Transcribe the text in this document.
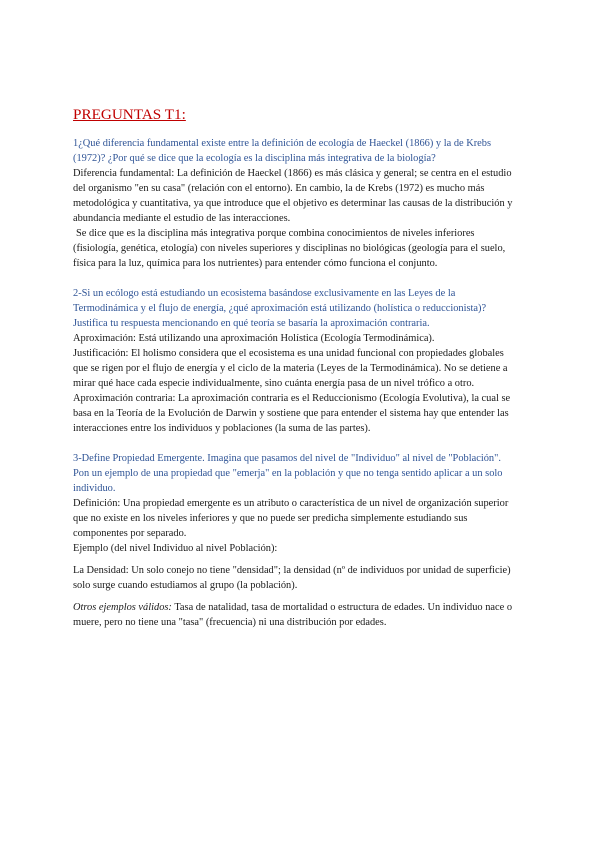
PREGUNTAS T1:

1¿Qué diferencia fundamental existe entre la definición de ecología de Haeckel (1866) y la de Krebs (1972)? ¿Por qué se dice que la ecología es la disciplina más integrativa de la biología?

Diferencia fundamental: La definición de Haeckel (1866) es más clásica y general; se centra en el estudio del organismo "en su casa" (relación con el entorno). En cambio, la de Krebs (1972) es mucho más metodológica y cuantitativa, ya que introduce que el objetivo es determinar las causas de la distribución y abundancia mediante el estudio de las interacciones.

Se dice que es la disciplina más integrativa porque combina conocimientos de niveles inferiores (fisiología, genética, etología) con niveles superiores y disciplinas no biológicas (geología para el suelo, física para la luz, química para los nutrientes) para entender cómo funciona el conjunto.

2-Si un ecólogo está estudiando un ecosistema basándose exclusivamente en las Leyes de la Termodinámica y el flujo de energía, ¿qué aproximación está utilizando (holística o reduccionista)? Justifica tu respuesta mencionando en qué teoría se basaría la aproximación contraria.

Aproximación: Está utilizando una aproximación Holística (Ecología Termodinámica).

Justificación: El holismo considera que el ecosistema es una unidad funcional con propiedades globales que se rigen por el flujo de energía y el ciclo de la materia (Leyes de la Termodinámica). No se detiene a mirar qué hace cada especie individualmente, sino cuánta energía pasa de un nivel trófico a otro.

Aproximación contraria: La aproximación contraria es el Reduccionismo (Ecología Evolutiva), la cual se basa en la Teoría de la Evolución de Darwin y sostiene que para entender el sistema hay que entender las interacciones entre los individuos y poblaciones (la suma de las partes).

3-Define Propiedad Emergente. Imagina que pasamos del nivel de "Individuo" al nivel de "Población". Pon un ejemplo de una propiedad que "emerja" en la población y que no tenga sentido aplicar a un solo individuo.

Definición: Una propiedad emergente es un atributo o característica de un nivel de organización superior que no existe en los niveles inferiores y que no puede ser predicha simplemente estudiando sus componentes por separado.

Ejemplo (del nivel Individuo al nivel Población):

La Densidad: Un solo conejo no tiene "densidad"; la densidad (nº de individuos por unidad de superficie) solo surge cuando estudiamos al grupo (la población).

Otros ejemplos válidos: Tasa de natalidad, tasa de mortalidad o estructura de edades. Un individuo nace o muere, pero no tiene una "tasa" (frecuencia) ni una distribución por edades.
